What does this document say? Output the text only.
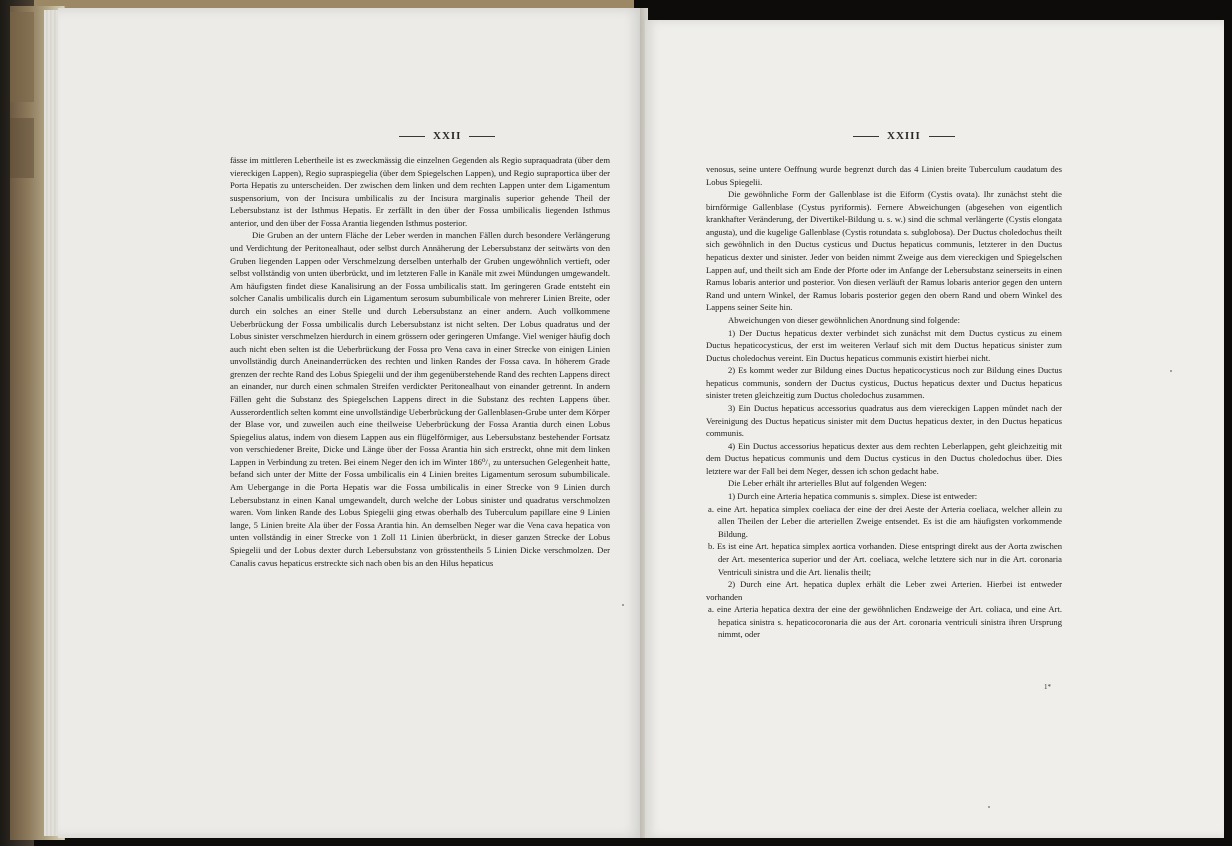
XXII	XXIII

fässe im mittleren Lebertheile ist es zweckmässig die einzelnen Gegenden als Regio supraquadrata (über dem viereckigen Lappen), Regio supraspiegelia (über dem Spiegelschen Lappen), und Regio supraportica über der Porta Hepatis zu unterscheiden. Der zwischen dem linken und dem rechten Lappen unter dem Ligamentum suspensorium, von der Incisura umbilicalis zu der Incisura marginalis superior gehende Theil der Lebersubstanz ist der Isthmus Hepatis. Er zerfällt in den über der Fossa umbilicalis liegenden Isthmus anterior, und den über der Fossa Arantia liegenden Isthmus posterior.

Die Gruben an der untern Fläche der Leber werden in manchen Fällen durch besondere Verlängerung und Verdichtung der Peritonealhaut, oder selbst durch Annäherung der Lebersubstanz der seitwärts von den Gruben liegenden Lappen oder Verschmelzung derselben unterhalb der Gruben ungewöhnlich vertieft, oder selbst vollständig von unten überbrückt, und im letzteren Falle in Kanäle mit zwei Mündungen umgewandelt. Am häufigsten findet diese Kanalisirung an der Fossa umbilicalis statt. Im geringeren Grade entsteht ein solcher Canalis umbilicalis durch ein Ligamentum serosum subumbilicale von mehrerer Linien Breite, oder durch ein solches an einer Stelle und durch Lebersubstanz an einer andern. Auch vollkommene Ueberbrückung der Fossa umbilicalis durch Lebersubstanz ist nicht selten. Der Lobus quadratus und der Lobus sinister verschmelzen hierdurch in einem grössern oder geringeren Umfange. Viel weniger häufig doch auch nicht eben selten ist die Ueberbrückung der Fossa pro Vena cava in einer Strecke von einigen Linien unvollständig durch Aneinanderrücken des rechten und linken Randes der Fossa cava. In höherem Grade grenzen der rechte Rand des Lobus Spiegelii und der ihm gegenüberstehende Rand des rechten Lappens direct an einander, nur durch einen schmalen Streifen verdickter Peritonealhaut von einander getrennt. In andern Fällen geht die Substanz des Spiegelschen Lappens direct in die Substanz des rechten Lappens über. Ausserordentlich selten kommt eine unvollständige Ueberbrückung der Gallenblasen-Grube unter dem Körper der Blase vor, und zuweilen auch eine theilweise Ueberbrückung der Fossa Arantia durch einen Lobus Spiegelius alatus, indem von diesem Lappen aus ein flügelförmiger, aus Lebersubstanz bestehender Fortsatz von verschiedener Breite, Dicke und Länge über der Fossa Arantia hin sich erstreckt, ohne mit dem linken Lappen in Verbindung zu treten. Bei einem Neger den ich im Winter 186⁰/₁ zu untersuchen Gelegenheit hatte, befand sich unter der Mitte der Fossa umbilicalis ein 4 Linien breites Ligamentum serosum subumbilicale. Am Uebergange in die Porta Hepatis war die Fossa umbilicalis in einer Strecke von 9 Linien durch Lebersubstanz in einen Kanal umgewandelt, durch welche der Lobus sinister und quadratus verschmolzen waren. Vom linken Rande des Lobus Spiegelii ging etwas oberhalb des Tuberculum papillare eine 9 Linien lange, 5 Linien breite Ala über der Fossa Arantia hin. An demselben Neger war die Vena cava hepatica von unten vollständig in einer Strecke von 1 Zoll 11 Linien überbrückt, in dieser ganzen Strecke der Lobus Spiegelii und der Lobus dexter durch Lebersubstanz von grösstentheils 5 Linien Dicke verschmolzen. Der Canalis cavus hepaticus erstreckte sich nach oben bis an den Hilus hepaticus

venosus, seine untere Oeffnung wurde begrenzt durch das 4 Linien breite Tuberculum caudatum des Lobus Spiegelii.

Die gewöhnliche Form der Gallenblase ist die Eiform (Cystis ovata). Ihr zunächst steht die birnförmige Gallenblase (Cystus pyriformis). Fernere Abweichungen (abgesehen von eigentlich krankhafter Veränderung, der Divertikel-Bildung u. s. w.) sind die schmal verlängerte (Cystis elongata angusta), und die kugelige Gallenblase (Cystis rotundata s. subglobosa). Der Ductus choledochus theilt sich gewöhnlich in den Ductus cysticus und Ductus hepaticus communis, letzterer in den Ductus hepaticus dexter und sinister. Jeder von beiden nimmt Zweige aus dem viereckigen und Spiegelschen Lappen auf, und theilt sich am Ende der Pforte oder im Anfange der Lebersubstanz seinerseits in einen Ramus lobaris anterior und posterior. Von diesen verläuft der Ramus lobaris anterior gegen den untern Rand und untern Winkel, der Ramus lobaris posterior gegen den obern Rand und obern Winkel des Lappens seiner Seite hin.

Abweichungen von dieser gewöhnlichen Anordnung sind folgende:

1) Der Ductus hepaticus dexter verbindet sich zunächst mit dem Ductus cysticus zu einem Ductus hepaticocysticus, der erst im weiteren Verlauf sich mit dem Ductus hepaticus sinister zum Ductus choledochus vereint. Ein Ductus hepaticus communis existirt hierbei nicht.

2) Es kommt weder zur Bildung eines Ductus hepaticocysticus noch zur Bildung eines Ductus hepaticus communis, sondern der Ductus cysticus, Ductus hepaticus dexter und Ductus hepaticus sinister treten gleichzeitig zum Ductus choledochus zusammen.

3) Ein Ductus hepaticus accessorius quadratus aus dem viereckigen Lappen mündet nach der Vereinigung des Ductus hepaticus sinister mit dem Ductus hepaticus dexter, in den Ductus hepaticus communis.

4) Ein Ductus accessorius hepaticus dexter aus dem rechten Leberlappen, geht gleichzeitig mit dem Ductus hepaticus communis und dem Ductus cysticus in den Ductus choledochus über. Dies letztere war der Fall bei dem Neger, dessen ich schon gedacht habe.

Die Leber erhält ihr arterielles Blut auf folgenden Wegen:

1) Durch eine Arteria hepatica communis s. simplex. Diese ist entweder:

a. eine Art. hepatica simplex coeliaca der eine der drei Aeste der Arteria coeliaca, welcher allein zu allen Theilen der Leber die arteriellen Zweige entsendet. Es ist die am häufigsten vorkommende Bildung.

b. Es ist eine Art. hepatica simplex aortica vorhanden. Diese entspringt direkt aus der Aorta zwischen der Art. mesenterica superior und der Art. coeliaca, welche letztere sich nur in die Art. coronaria Ventriculi sinistra und die Art. lienalis theilt;

2) Durch eine Art. hepatica duplex erhält die Leber zwei Arterien. Hierbei ist entweder vorhanden

a. eine Arteria hepatica dextra der eine der gewöhnlichen Endzweige der Art. coliaca, und eine Art. hepatica sinistra s. hepaticocoronaria die aus der Art. coronaria ventriculi sinistra ihren Ursprung nimmt, oder

1*
